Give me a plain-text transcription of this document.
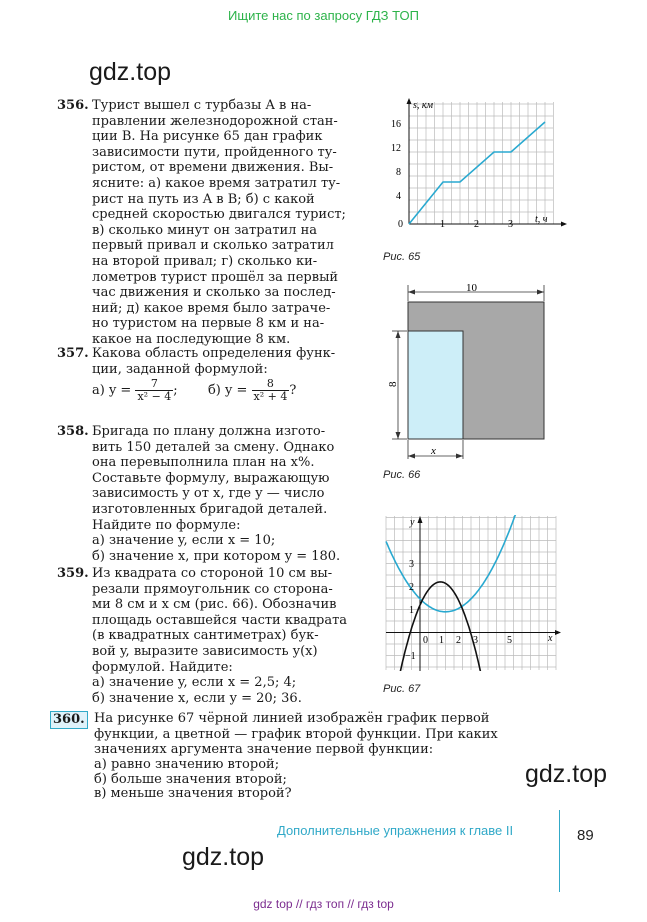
Ищите нас по запросу ГДЗ ТОП
gdz.top
gdz.top
gdz.top
356. Турист вышел с турбазы A в на-
правлении железнодорожной стан-
ции B. На рисунке 65 дан график
зависимости пути, пройденного ту-
ристом, от времени движения. Вы-
ясните: а) какое время затратил ту-
рист на путь из A в B; б) с какой
средней скоростью двигался турист;
в) сколько минут он затратил на
первый привал и сколько затратил
на второй привал; г) сколько ки-
лометров турист прошёл за первый
час движения и сколько за послед-
ний; д) какое время было затраче-
но туристом на первые 8 км и на-
какое на последующие 8 км.
357. Какова область определения функ-
ции, заданной формулой:
а) $y = \frac{7}{\text{x² − 4}}$ ; б) $y = \frac{8}{\text{x² + 4}}$ ?
358. Бригада по плану должна изгото-
вить 150 деталей за смену. Однако
она перевыполнила план на x%.
Составьте формулу, выражающую
зависимость y от x, где y — число
изготовленных бригадой деталей.
Найдите по формуле:
а) значение y, если x = 10;
б) значение x, при котором y = 180.
359. Из квадрата со стороной 10 см вы-
резали прямоугольник со сторона-
ми 8 см и x см (рис. 66). Обозначив
площадь оставшейся части квадрата
(в квадратных сантиметрах) бук-
вой y, выразите зависимость y(x)
формулой. Найдите:
а) значение y, если x = 2,5; 4;
б) значение x, если y = 20; 36.
360. На рисунке 67 чёрной линией изображён график первой
функции, а цветной — график второй функции. При каких
значениях аргумента значение первой функции:
а) равно значению второй;
б) больше значения второй;
в) меньше значения второй?
s, км
t, ч
0
4
8
12
16
1	2	3
Рис. 65
10
8
x
Рис. 66
y
x
0 1 2 3	5
3
2
1
−1
Рис. 67
Дополнительные упражнения к главе II	89
gdz top // гдз топ // гдз top
